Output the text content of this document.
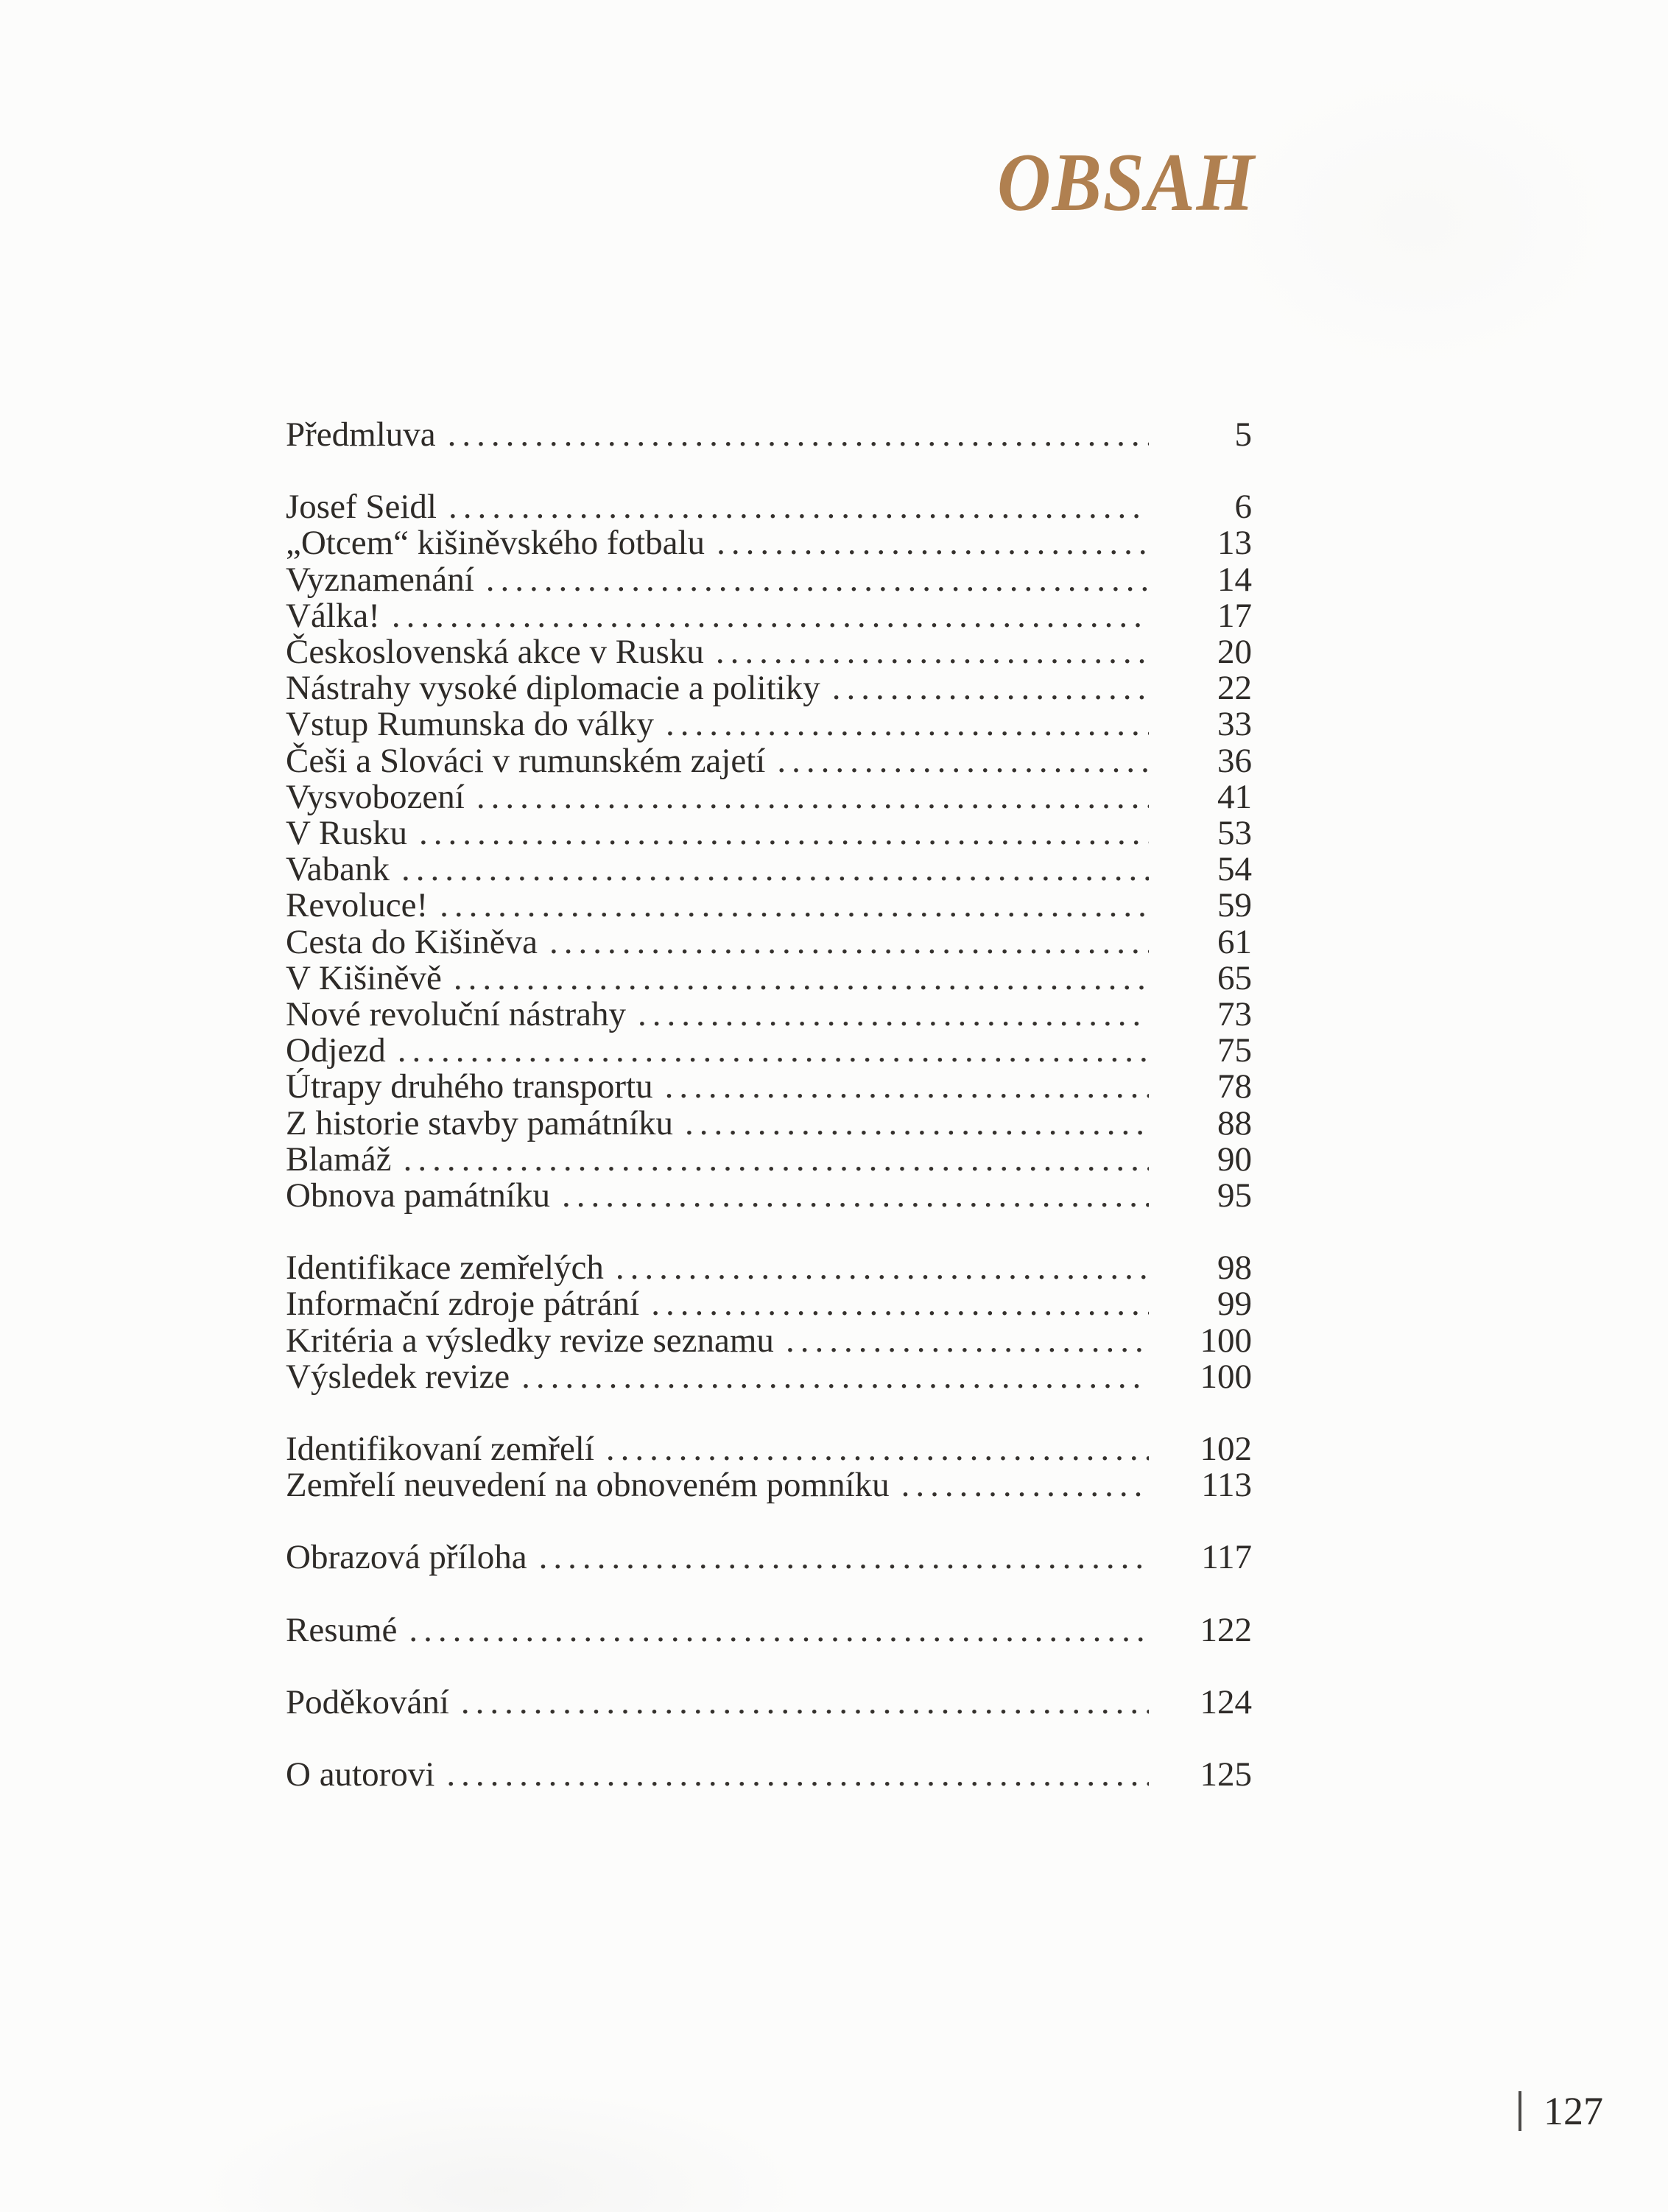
OBSAH
Předmluva .....	5
Josef Seidl .....	6
„Otcem“ kišiněvského fotbalu .....	13
Vyznamenání .....	14
Válka! .....	17
Československá akce v Rusku .....	20
Nástrahy vysoké diplomacie a politiky .....	22
Vstup Rumunska do války .....	33
Češi a Slováci v rumunském zajetí .....	36
Vysvobození .....	41
V Rusku .....	53
Vabank .....	54
Revoluce! .....	59
Cesta do Kišiněva .....	61
V Kišiněvě .....	65
Nové revoluční nástrahy .....	73
Odjezd .....	75
Útrapy druhého transportu .....	78
Z historie stavby památníku .....	88
Blamáž .....	90
Obnova památníku .....	95
Identifikace zemřelých .....	98
Informační zdroje pátrání .....	99
Kritéria a výsledky revize seznamu .....	100
Výsledek revize .....	100
Identifikovaní zemřelí .....	102
Zemřelí neuvedení na obnoveném pomníku .....	113
Obrazová příloha .....	117
Resumé .....	122
Poděkování .....	124
O autorovi .....	125
127
